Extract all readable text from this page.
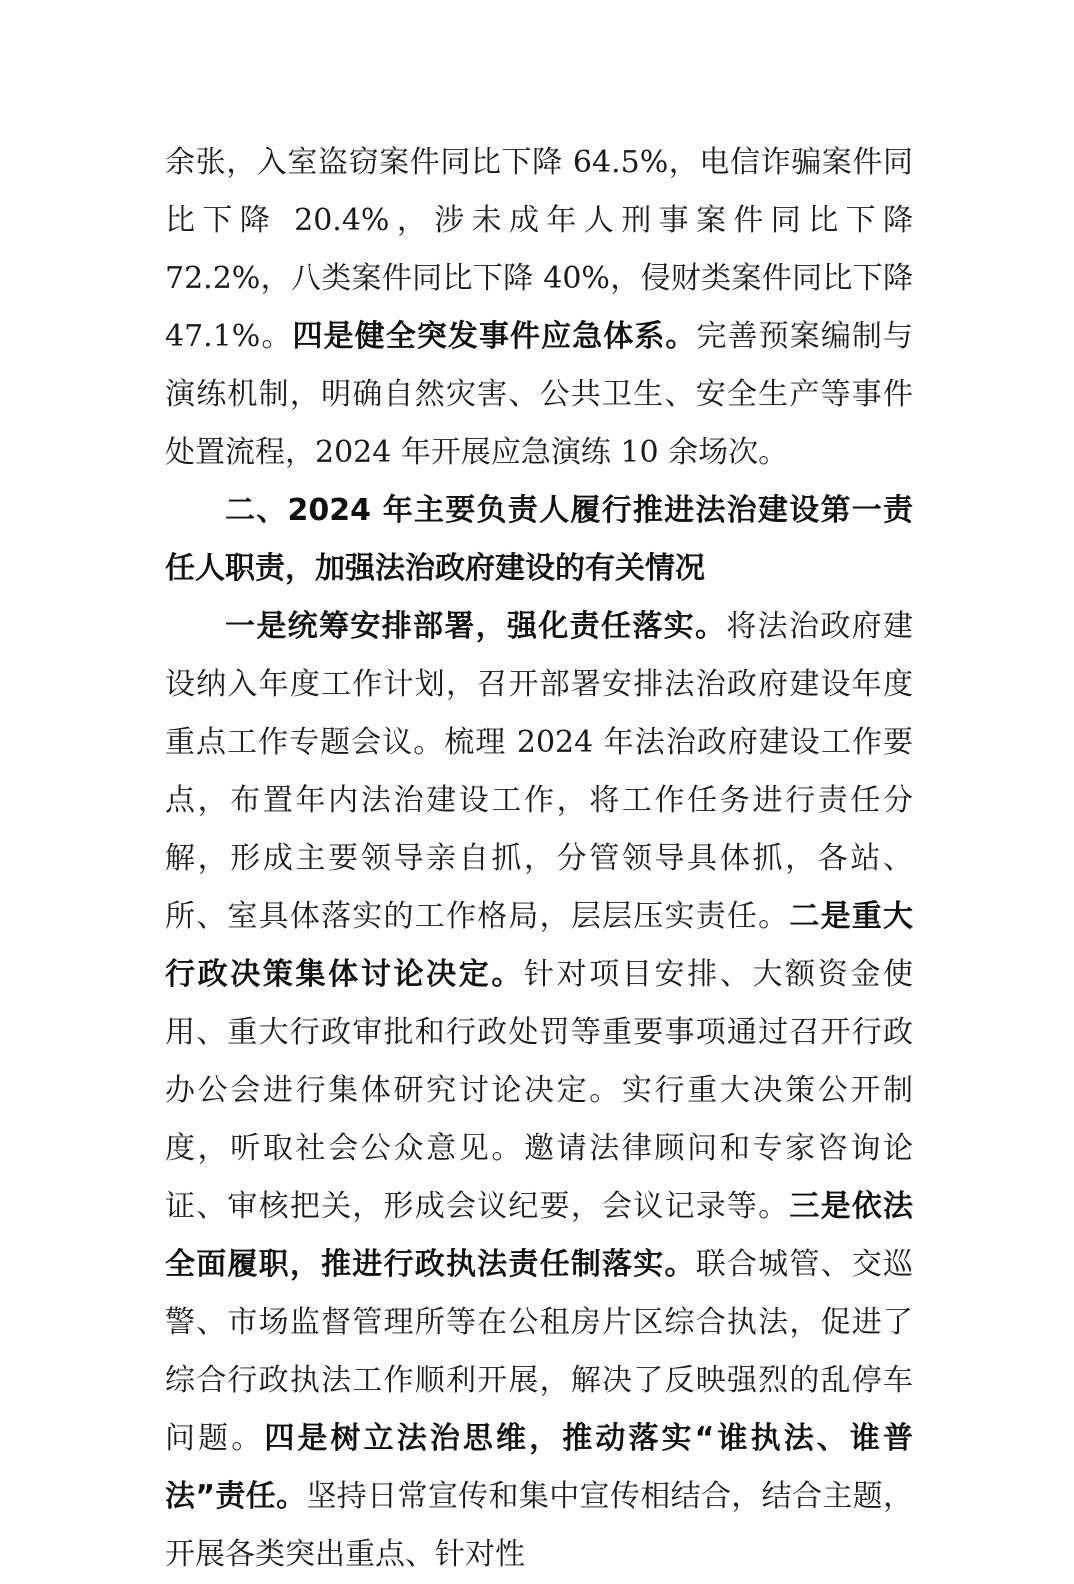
余张，入室盗窃案件同比下降 64.5%，电信诈骗案件同比下降 20.4%，涉未成年人刑事案件同比下降 72.2%，八类案件同比下降 40%，侵财类案件同比下降 47.1%。四是健全突发事件应急体系。完善预案编制与演练机制，明确自然灾害、公共卫生、安全生产等事件处置流程，2024 年开展应急演练 10 余场次。

二、2024 年主要负责人履行推进法治建设第一责任人职责，加强法治政府建设的有关情况

一是统筹安排部署，强化责任落实。将法治政府建设纳入年度工作计划，召开部署安排法治政府建设年度重点工作专题会议。梳理 2024 年法治政府建设工作要点，布置年内法治建设工作，将工作任务进行责任分解，形成主要领导亲自抓，分管领导具体抓，各站、所、室具体落实的工作格局，层层压实责任。二是重大行政决策集体讨论决定。针对项目安排、大额资金使用、重大行政审批和行政处罚等重要事项通过召开行政办公会进行集体研究讨论决定。实行重大决策公开制度，听取社会公众意见。邀请法律顾问和专家咨询论证、审核把关，形成会议纪要，会议记录等。三是依法全面履职，推进行政执法责任制落实。联合城管、交巡警、市场监督管理所等在公租房片区综合执法，促进了综合行政执法工作顺利开展，解决了反映强烈的乱停车问题。四是树立法治思维，推动落实“谁执法、谁普法”责任。坚持日常宣传和集中宣传相结合，结合主题，开展各类突出重点、针对性
